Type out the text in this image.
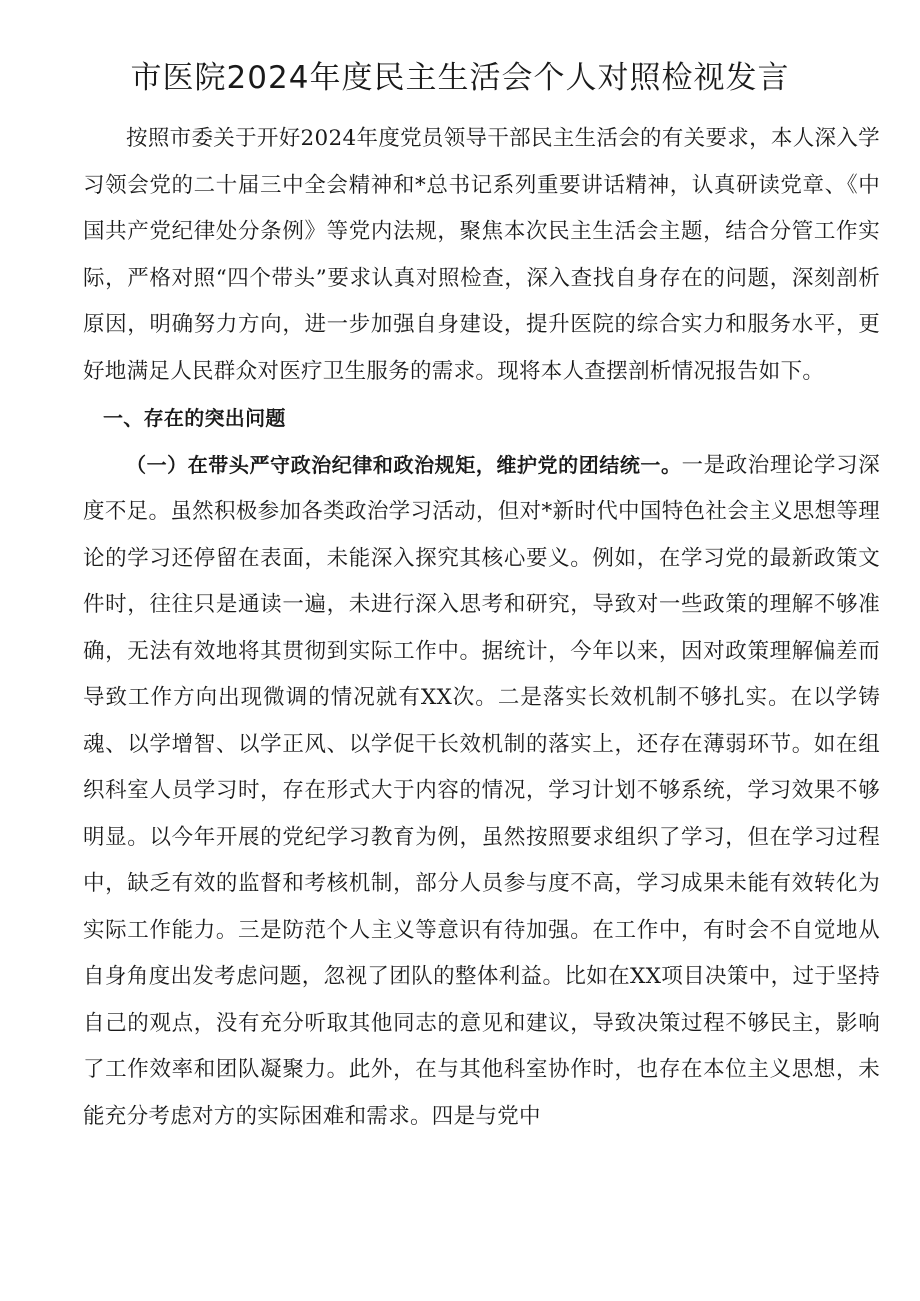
市医院2024年度民主生活会个人对照检视发言

按照市委关于开好2024年度党员领导干部民主生活会的有关要求，本人深入学习领会党的二十届三中全会精神和*总书记系列重要讲话精神，认真研读党章、《中国共产党纪律处分条例》等党内法规，聚焦本次民主生活会主题，结合分管工作实际，严格对照“四个带头”要求认真对照检查，深入查找自身存在的问题，深刻剖析原因，明确努力方向，进一步加强自身建设，提升医院的综合实力和服务水平，更好地满足人民群众对医疗卫生服务的需求。现将本人查摆剖析情况报告如下。

一、存在的突出问题

（一）在带头严守政治纪律和政治规矩，维护党的团结统一。一是政治理论学习深度不足。虽然积极参加各类政治学习活动，但对*新时代中国特色社会主义思想等理论的学习还停留在表面，未能深入探究其核心要义。例如，在学习党的最新政策文件时，往往只是通读一遍，未进行深入思考和研究，导致对一些政策的理解不够准确，无法有效地将其贯彻到实际工作中。据统计，今年以来，因对政策理解偏差而导致工作方向出现微调的情况就有XX次。二是落实长效机制不够扎实。在以学铸魂、以学增智、以学正风、以学促干长效机制的落实上，还存在薄弱环节。如在组织科室人员学习时，存在形式大于内容的情况，学习计划不够系统，学习效果不够明显。以今年开展的党纪学习教育为例，虽然按照要求组织了学习，但在学习过程中，缺乏有效的监督和考核机制，部分人员参与度不高，学习成果未能有效转化为实际工作能力。三是防范个人主义等意识有待加强。在工作中，有时会不自觉地从自身角度出发考虑问题，忽视了团队的整体利益。比如在XX项目决策中，过于坚持自己的观点，没有充分听取其他同志的意见和建议，导致决策过程不够民主，影响了工作效率和团队凝聚力。此外，在与其他科室协作时，也存在本位主义思想，未能充分考虑对方的实际困难和需求。四是与党中
